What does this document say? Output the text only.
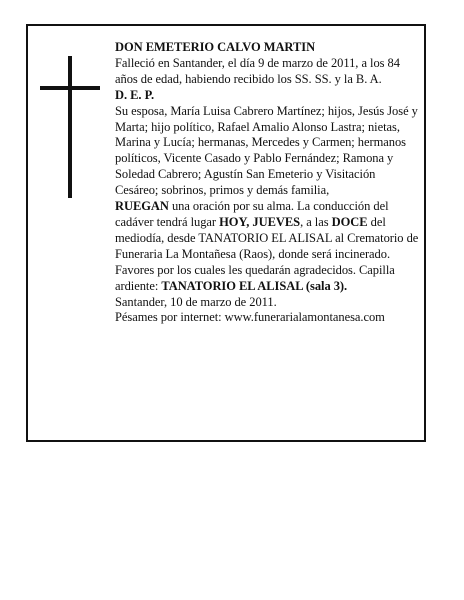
DON EMETERIO CALVO MARTIN

Falleció en Santander, el día 9 de marzo de 2011, a los 84 años de edad, habiendo recibido los SS. SS. y la B. A.

D. E. P.

Su esposa, María Luisa Cabrero Martínez; hijos, Jesús José y Marta; hijo político, Rafael Amalio Alonso Lastra; nietas, Marina y Lucía; hermanas, Mercedes y Carmen; hermanos políticos, Vicente Casado y Pablo Fernández; Ramona y Soledad Cabrero; Agustín San Emeterio y Visitación Cesáreo; sobrinos, primos y demás familia,

RUEGAN una oración por su alma. La conducción del cadáver tendrá lugar HOY, JUEVES, a las DOCE del mediodía, desde TANATORIO EL ALISAL al Crematorio de Funeraria La Montañesa (Raos), donde será incinerado. Favores por los cuales les quedarán agradecidos. Capilla ardiente: TANATORIO EL ALISAL (sala 3).

Santander, 10 de marzo de 2011.

Pésames por internet: www.funeraria​lamontanesa.com
